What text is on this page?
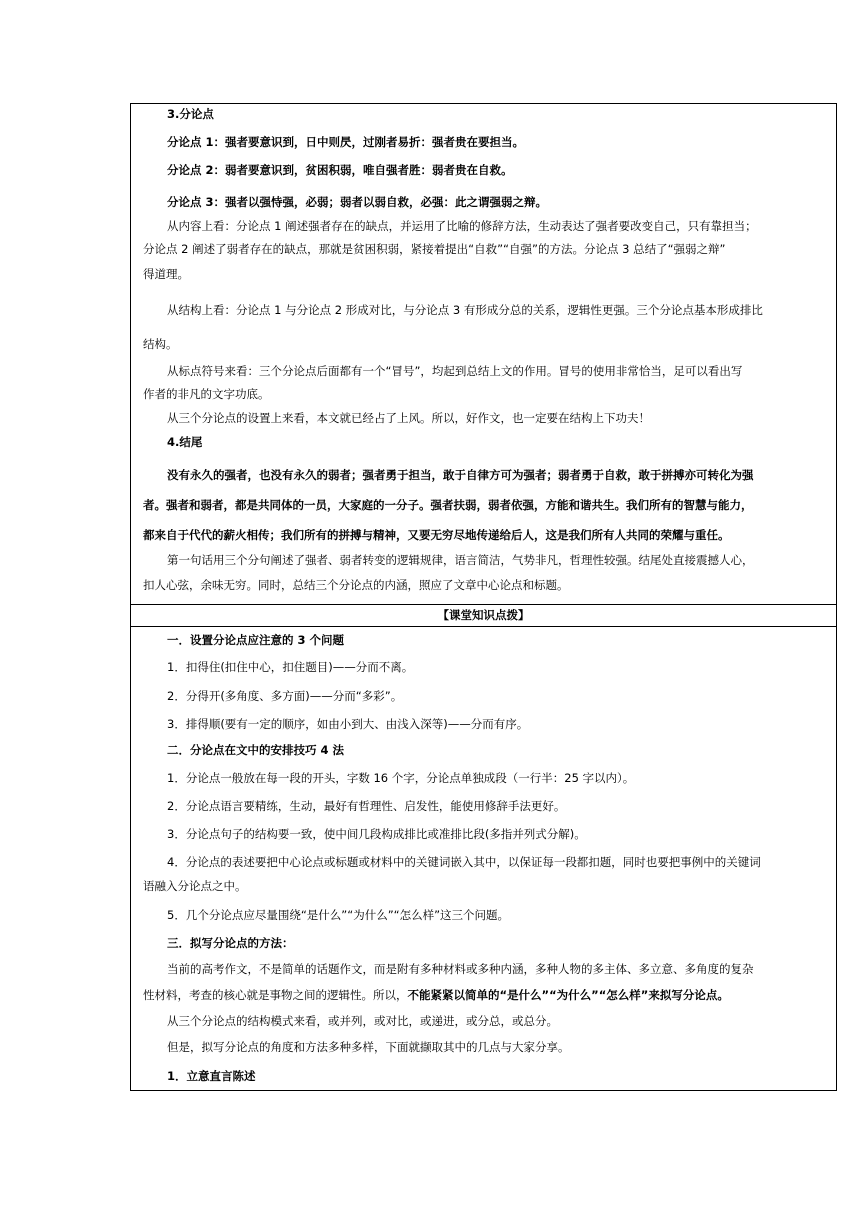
3.分论点
分论点 1：强者要意识到，日中则昃，过刚者易折：强者贵在要担当。
分论点 2：弱者要意识到，贫困积弱，唯自强者胜：弱者贵在自救。
分论点 3：强者以强恃强，必弱；弱者以弱自救，必强：此之谓强弱之辩。
从内容上看：分论点 1 阐述强者存在的缺点，并运用了比喻的修辞方法，生动表达了强者要改变自己，只有靠担当；
分论点 2 阐述了弱者存在的缺点，那就是贫困积弱，紧接着提出“自救”“自强”的方法。分论点 3 总结了“强弱之辩”
得道理。
从结构上看：分论点 1 与分论点 2 形成对比，与分论点 3 有形成分总的关系，逻辑性更强。三个分论点基本形成排比
结构。
从标点符号来看：三个分论点后面都有一个“冒号”，均起到总结上文的作用。冒号的使用非常恰当，足可以看出写
作者的非凡的文字功底。
从三个分论点的设置上来看，本文就已经占了上风。所以，好作文，也一定要在结构上下功夫！
4.结尾
没有永久的强者，也没有永久的弱者；强者勇于担当，敢于自律方可为强者；弱者勇于自救，敢于拼搏亦可转化为强
者。强者和弱者，都是共同体的一员，大家庭的一分子。强者扶弱，弱者依强，方能和谐共生。我们所有的智慧与能力，
都来自于代代的薪火相传；我们所有的拼搏与精神，又要无穷尽地传递给后人，这是我们所有人共同的荣耀与重任。
第一句话用三个分句阐述了强者、弱者转变的逻辑规律，语言简洁，气势非凡，哲理性较强。结尾处直接震撼人心，
扣人心弦，余味无穷。同时，总结三个分论点的内涵，照应了文章中心论点和标题。
【课堂知识点拨】
一．设置分论点应注意的 3 个问题
1．扣得住(扣住中心，扣住题目)——分而不离。
2．分得开(多角度、多方面)——分而“多彩”。
3．排得顺(要有一定的顺序，如由小到大、由浅入深等)——分而有序。
二．分论点在文中的安排技巧 4 法
1．分论点一般放在每一段的开头，字数 16 个字，分论点单独成段（一行半：25 字以内）。
2．分论点语言要精练，生动，最好有哲理性、启发性，能使用修辞手法更好。
3．分论点句子的结构要一致，使中间几段构成排比或准排比段(多指并列式分解)。
4．分论点的表述要把中心论点或标题或材料中的关键词嵌入其中，以保证每一段都扣题，同时也要把事例中的关键词
语融入分论点之中。
5．几个分论点应尽量围绕“是什么”“为什么”“怎么样”这三个问题。
三．拟写分论点的方法：
当前的高考作文，不是简单的话题作文，而是附有多种材料或多种内涵，多种人物的多主体、多立意、多角度的复杂
性材料，考查的核心就是事物之间的逻辑性。所以，不能紧紧以简单的“是什么”“为什么”“怎么样”来拟写分论点。
从三个分论点的结构模式来看，或并列，或对比，或递进，或分总，或总分。
但是，拟写分论点的角度和方法多种多样，下面就撷取其中的几点与大家分享。
1．立意直言陈述
